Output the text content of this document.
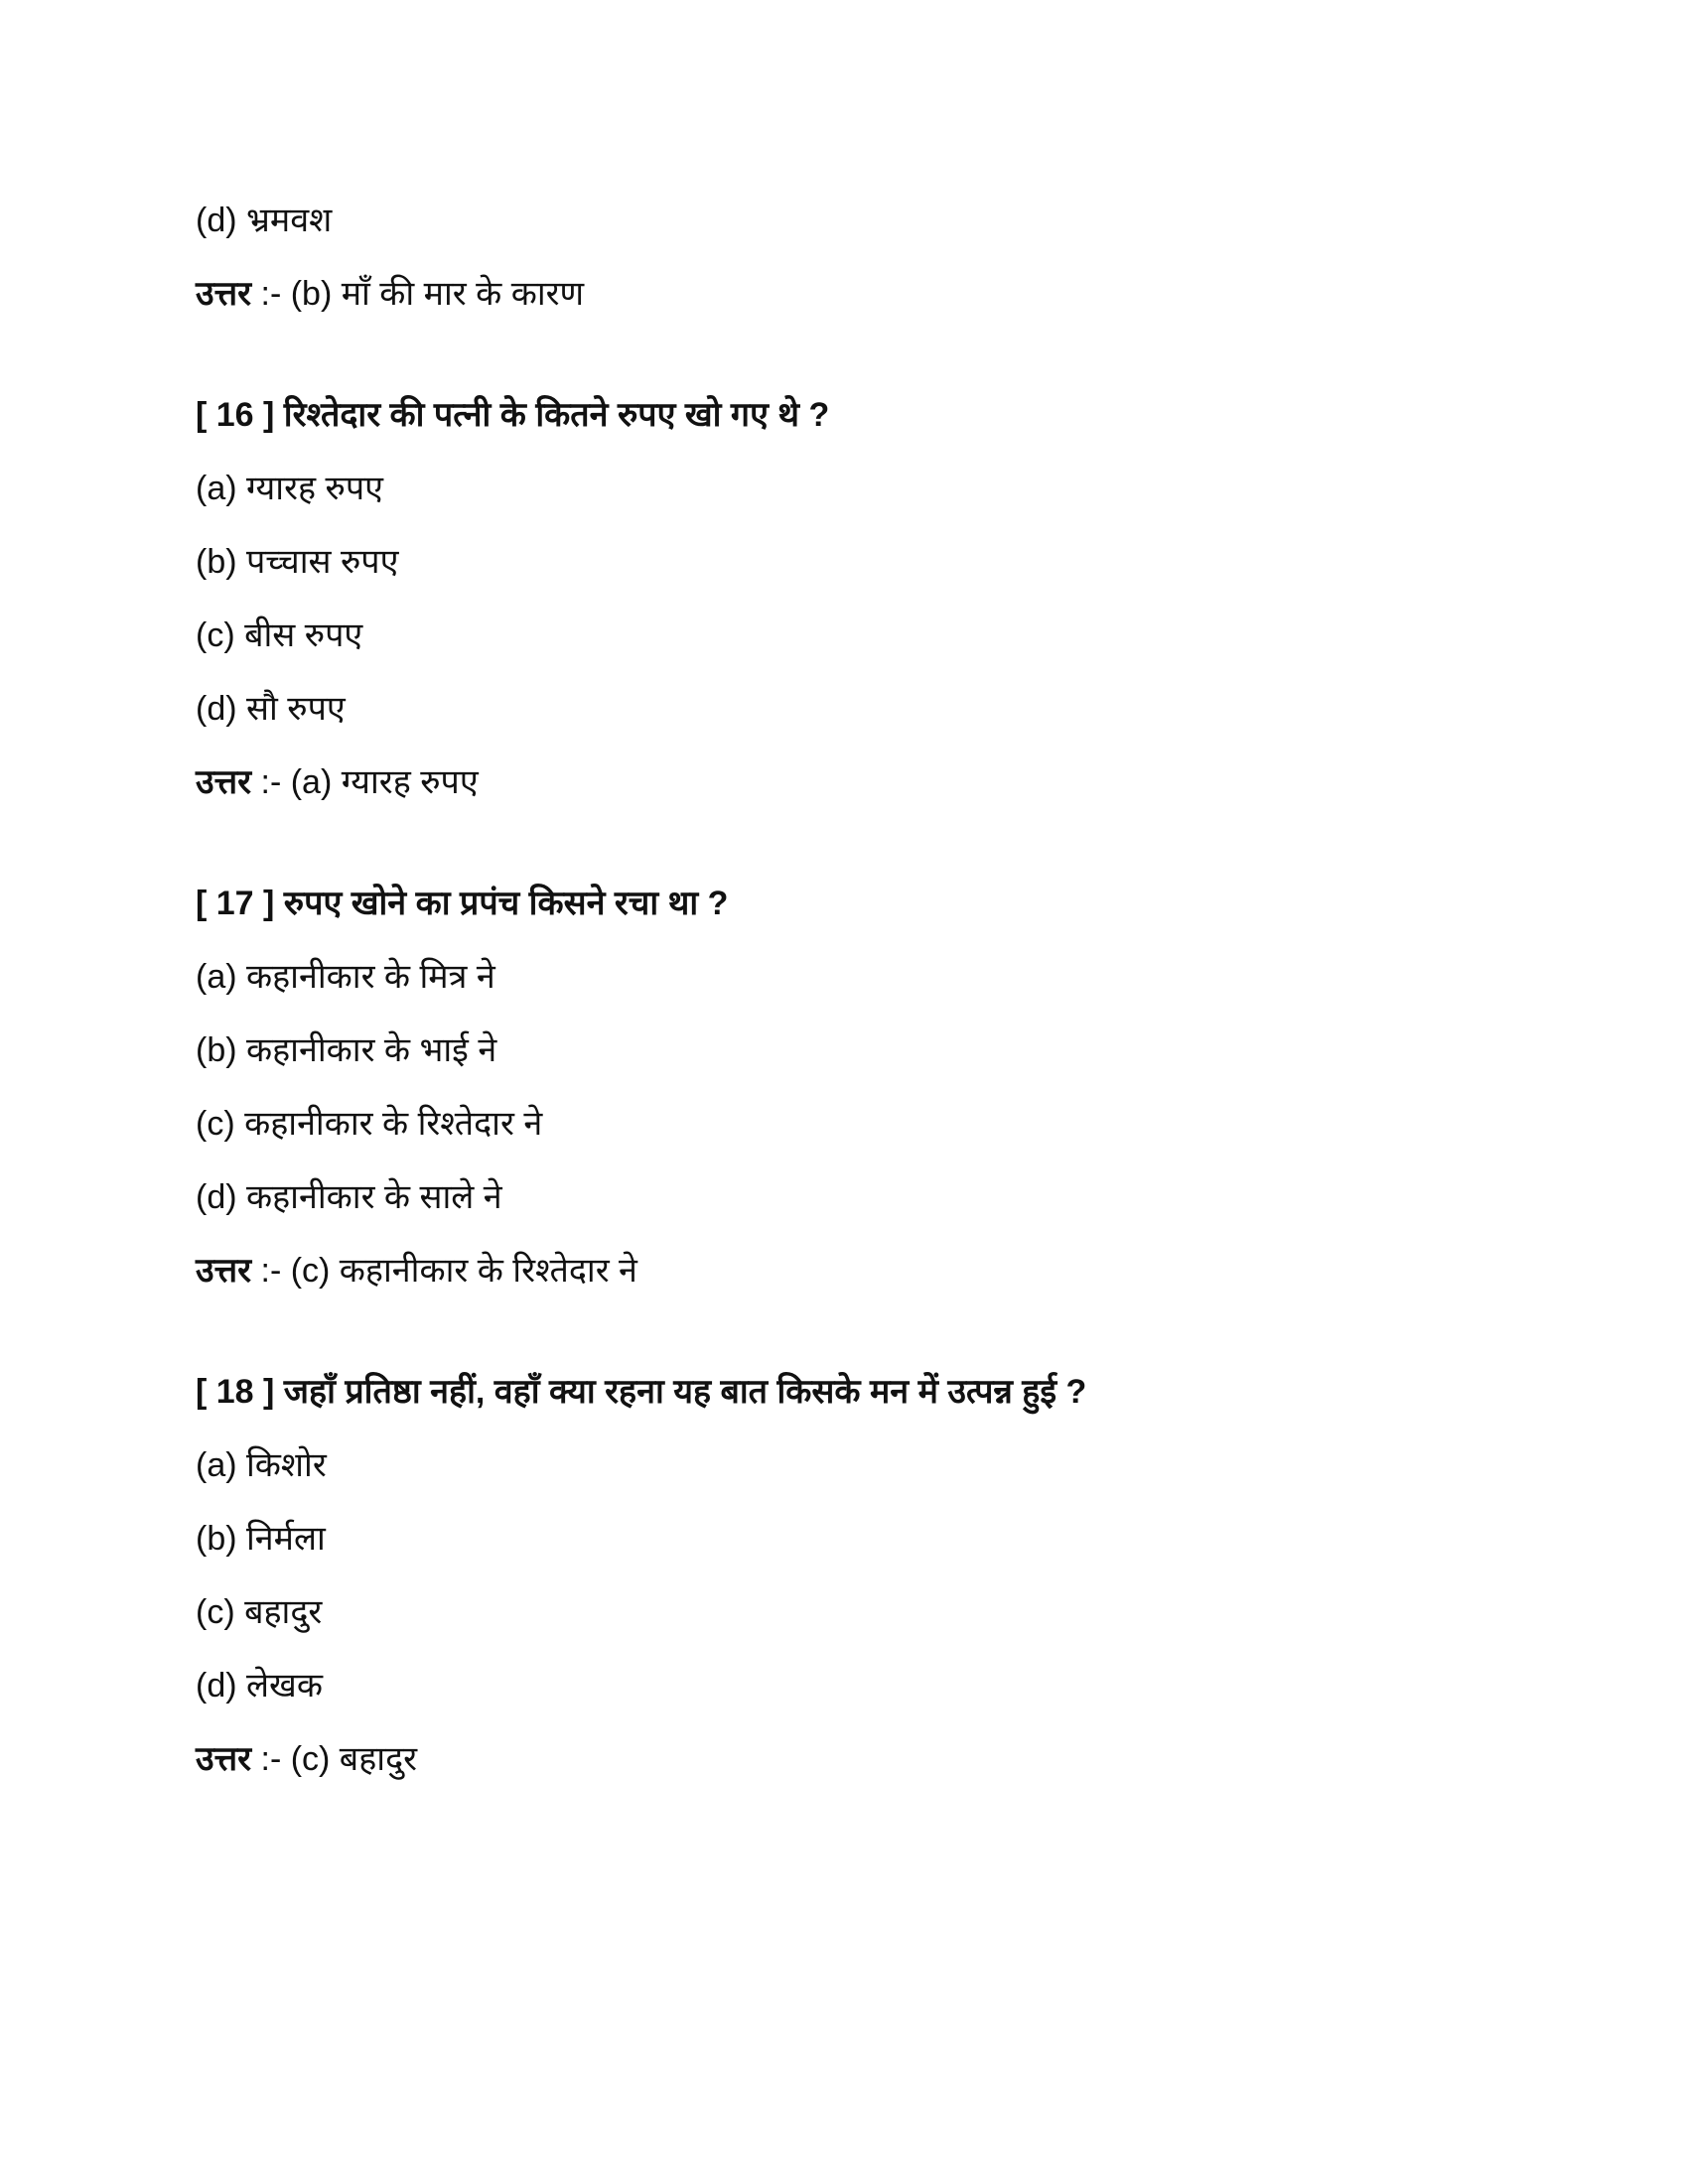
(d) भ्रमवश
उत्तर :- (b) माँ की मार के कारण
[ 16 ] रिश्तेदार की पत्नी के कितने रुपए खो गए थे ?
(a) ग्यारह रुपए
(b) पच्चास रुपए
(c) बीस रुपए
(d) सौ रुपए
उत्तर :- (a) ग्यारह रुपए
[ 17 ] रुपए खोने का प्रपंच किसने रचा था ?
(a) कहानीकार के मित्र ने
(b) कहानीकार के भाई ने
(c) कहानीकार के रिश्तेदार ने
(d) कहानीकार के साले ने
उत्तर :- (c) कहानीकार के रिश्तेदार ने
[ 18 ] जहाँ प्रतिष्ठा नहीं, वहाँ क्या रहना यह बात किसके मन में उत्पन्न हुई ?
(a) किशोर
(b) निर्मला
(c) बहादुर
(d) लेखक
उत्तर :- (c) बहादुर
